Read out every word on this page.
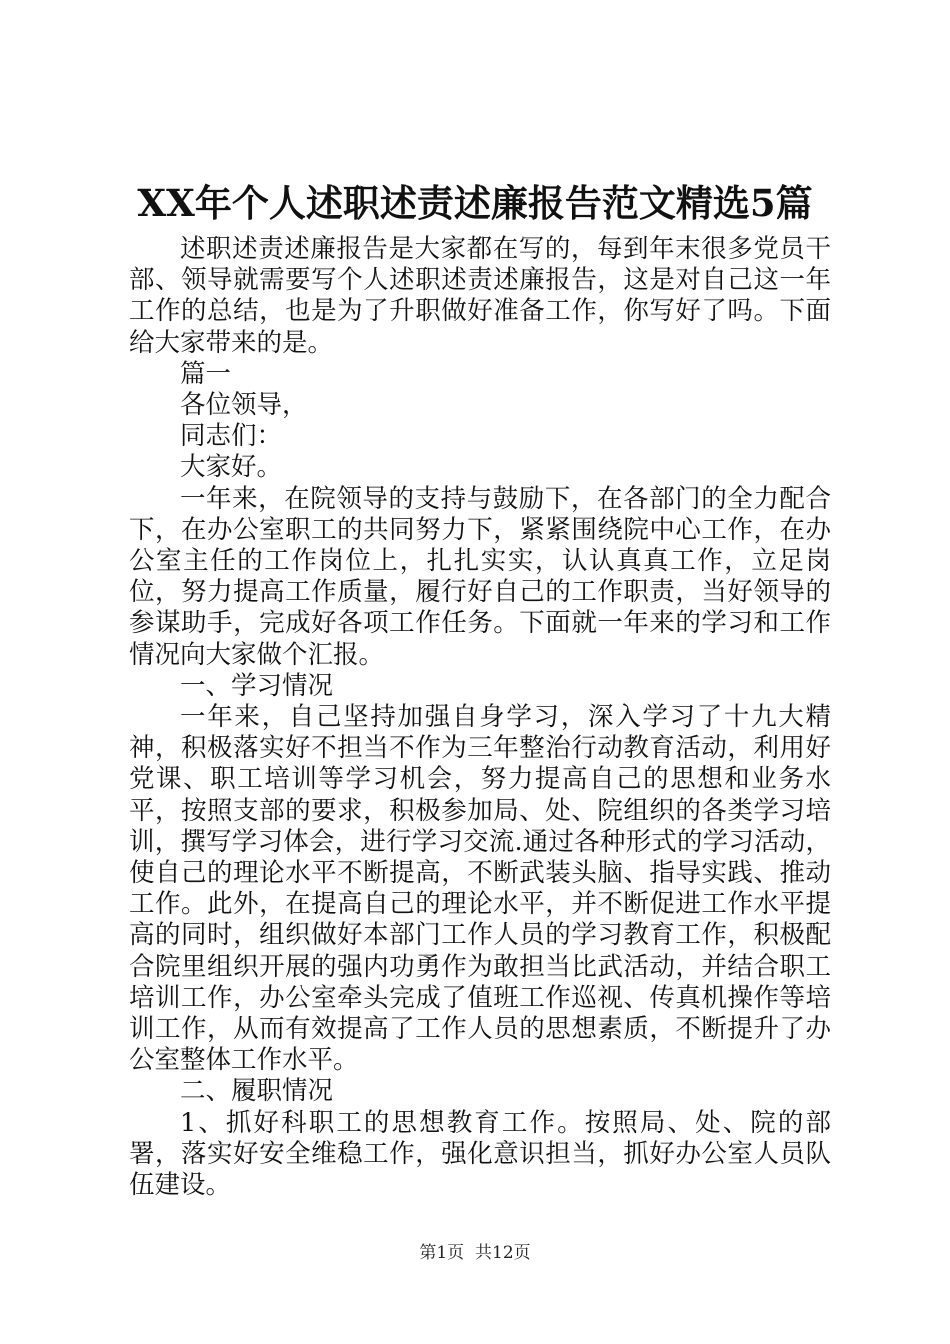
XX年个人述职述责述廉报告范文精选5篇

述职述责述廉报告是大家都在写的，每到年末很多党员干部、领导就需要写个人述职述责述廉报告，这是对自己这一年工作的总结，也是为了升职做好准备工作，你写好了吗。下面给大家带来的是。

篇一

各位领导，

同志们：

大家好。

一年来，在院领导的支持与鼓励下，在各部门的全力配合下，在办公室职工的共同努力下，紧紧围绕院中心工作，在办公室主任的工作岗位上，扎扎实实，认认真真工作，立足岗位，努力提高工作质量，履行好自己的工作职责，当好领导的参谋助手，完成好各项工作任务。下面就一年来的学习和工作情况向大家做个汇报。

一、学习情况

一年来，自己坚持加强自身学习，深入学习了十九大精神，积极落实好不担当不作为三年整治行动教育活动，利用好党课、职工培训等学习机会，努力提高自己的思想和业务水平，按照支部的要求，积极参加局、处、院组织的各类学习培训，撰写学习体会，进行学习交流.通过各种形式的学习活动，使自己的理论水平不断提高，不断武装头脑、指导实践、推动工作。此外，在提高自己的理论水平，并不断促进工作水平提高的同时，组织做好本部门工作人员的学习教育工作，积极配合院里组织开展的强内功勇作为敢担当比武活动，并结合职工培训工作，办公室牵头完成了值班工作巡视、传真机操作等培训工作，从而有效提高了工作人员的思想素质，不断提升了办公室整体工作水平。

二、履职情况

1、抓好科职工的思想教育工作。按照局、处、院的部署，落实好安全维稳工作，强化意识担当，抓好办公室人员队伍建设。

第1页 共12页
